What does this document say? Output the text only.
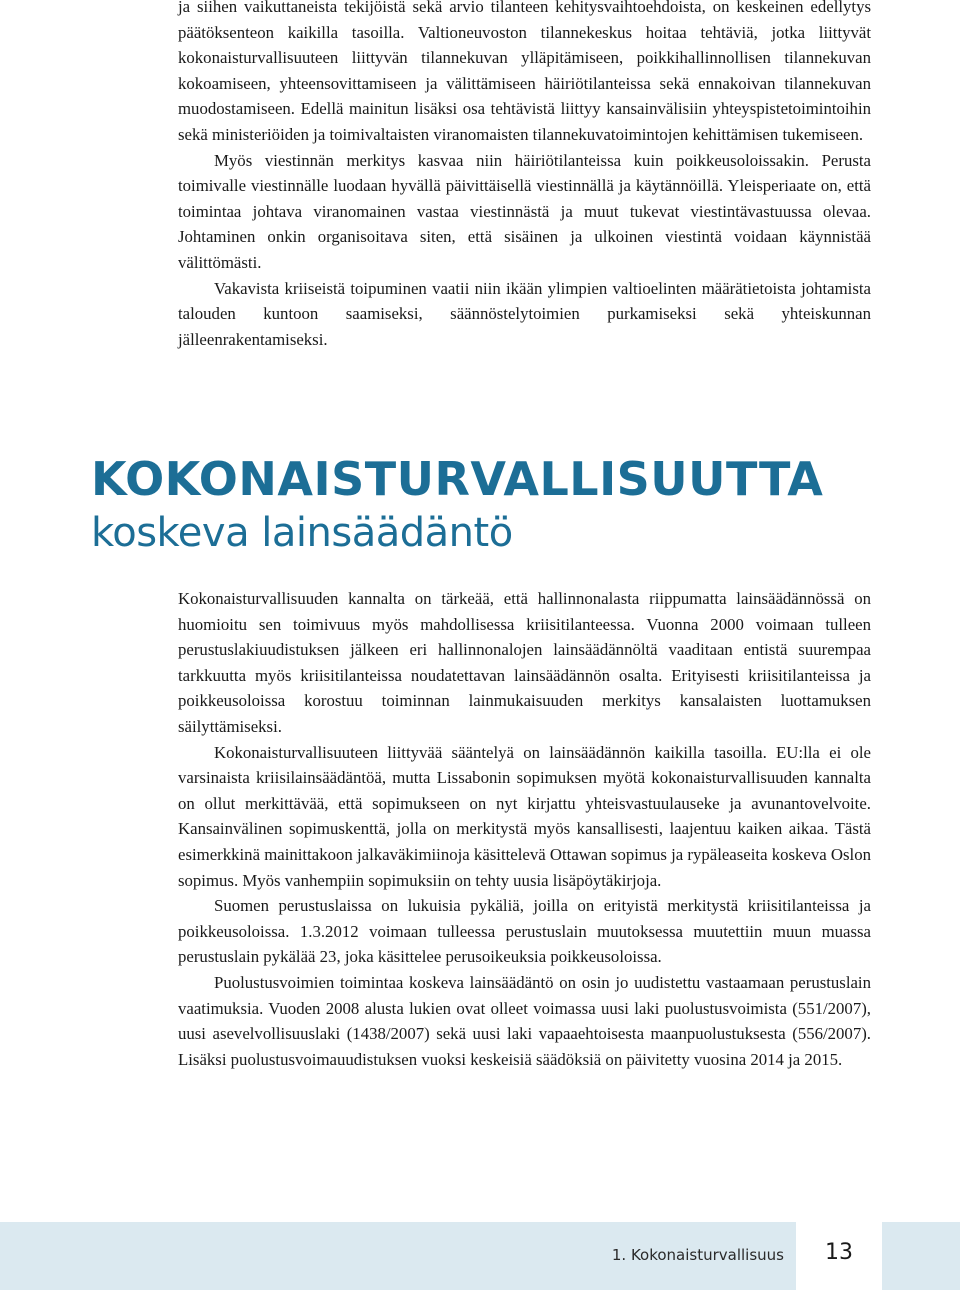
ja siihen vaikuttaneista tekijöistä sekä arvio tilanteen kehitysvaihtoehdoista, on keskeinen edellytys päätöksenteon kaikilla tasoilla. Valtioneuvoston tilannekeskus hoitaa tehtäviä, jotka liittyvät kokonaisturvallisuuteen liittyvän tilannekuvan ylläpitämiseen, poikkihallinnollisen tilannekuvan kokoamiseen, yhteensovittamiseen ja välittämiseen häiriötilanteissa sekä ennakoivan tilannekuvan muodostamiseen. Edellä mainitun lisäksi osa tehtävistä liittyy kansainvälisiin yhteyspistetoimintoihin sekä ministeriöiden ja toimivaltaisten viranomaisten tilannekuvatoimintojen kehittämisen tukemiseen.

Myös viestinnän merkitys kasvaa niin häiriötilanteissa kuin poikkeusoloissakin. Perusta toimivalle viestinnälle luodaan hyvällä päivittäisellä viestinnällä ja käytännöillä. Yleisperiaate on, että toimintaa johtava viranomainen vastaa viestinnästä ja muut tukevat viestintävastuussa olevaa. Johtaminen onkin organisoitava siten, että sisäinen ja ulkoinen viestintä voidaan käynnistää välittömästi.

Vakavista kriiseistä toipuminen vaatii niin ikään ylimpien valtioelinten määrätietoista johtamista talouden kuntoon saamiseksi, säännöstelytoimien purkamiseksi sekä yhteiskunnan jälleenrakentamiseksi.

KOKONAISTURVALLISUUTTA
koskeva lainsäädäntö

Kokonaisturvallisuuden kannalta on tärkeää, että hallinnonalasta riippumatta lainsäädännössä on huomioitu sen toimivuus myös mahdollisessa kriisitilanteessa. Vuonna 2000 voimaan tulleen perustuslakiuudistuksen jälkeen eri hallinnonalojen lainsäädännöltä vaaditaan entistä suurempaa tarkkuutta myös kriisitilanteissa noudatettavan lainsäädännön osalta. Erityisesti kriisitilanteissa ja poikkeusoloissa korostuu toiminnan lainmukaisuuden merkitys kansalaisten luottamuksen säilyttämiseksi.

Kokonaisturvallisuuteen liittyvää sääntelyä on lainsäädännön kaikilla tasoilla. EU:lla ei ole varsinaista kriisilainsäädäntöä, mutta Lissabonin sopimuksen myötä kokonaisturvallisuuden kannalta on ollut merkittävää, että sopimukseen on nyt kirjattu yhteisvastuulauseke ja avunantovelvoite. Kansainvälinen sopimuskenttä, jolla on merkitystä myös kansallisesti, laajentuu kaiken aikaa. Tästä esimerkkinä mainittakoon jalkaväkimiinoja käsittelevä Ottawan sopimus ja rypäleaseita koskeva Oslon sopimus. Myös vanhempiin sopimuksiin on tehty uusia lisäpöytäkirjoja.

Suomen perustuslaissa on lukuisia pykäliä, joilla on erityistä merkitystä kriisitilanteissa ja poikkeusoloissa. 1.3.2012 voimaan tulleessa perustuslain muutoksessa muutettiin muun muassa perustuslain pykälää 23, joka käsittelee perusoikeuksia poikkeusoloissa.

Puolustusvoimien toimintaa koskeva lainsäädäntö on osin jo uudistettu vastaamaan perustuslain vaatimuksia. Vuoden 2008 alusta lukien ovat olleet voimassa uusi laki puolustusvoimista (551/2007), uusi asevelvollisuuslaki (1438/2007) sekä uusi laki vapaaehtoisesta maanpuolustuksesta (556/2007). Lisäksi puolustusvoimauudistuksen vuoksi keskeisiä säädöksiä on päivitetty vuosina 2014 ja 2015.

1. Kokonaisturvallisuus	13
